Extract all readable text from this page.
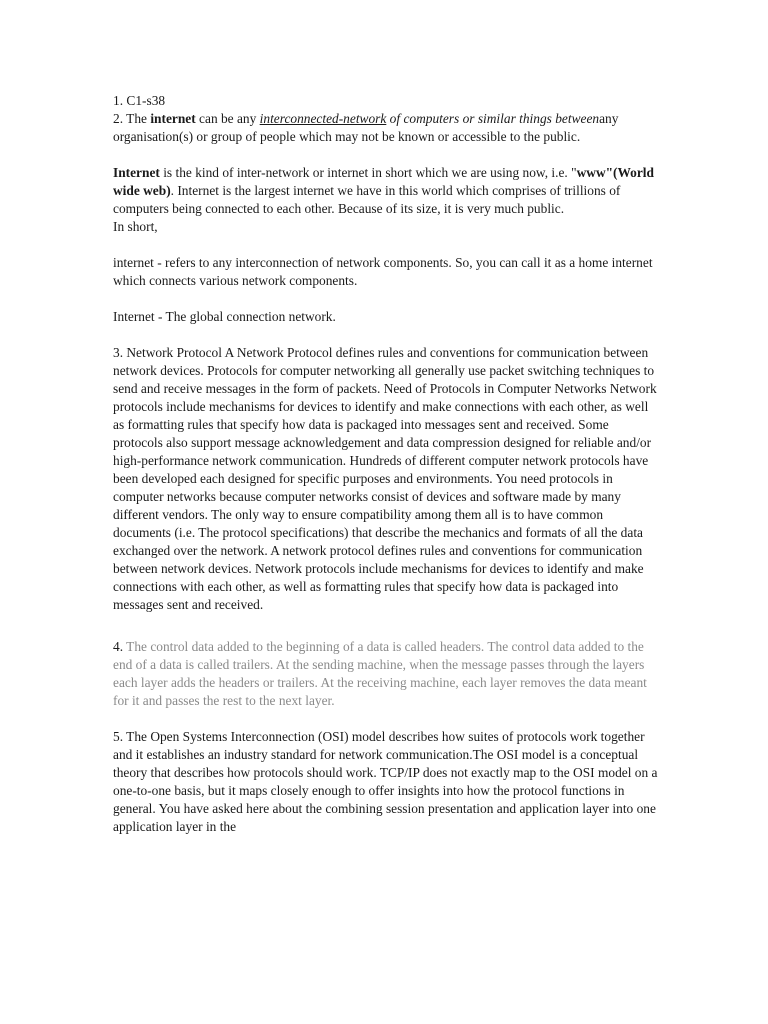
1. C1-s38

2. The internet can be any interconnected-network of computers or similar things betweenany organisation(s) or group of people which may not be known or accessible to the public.

Internet is the kind of inter-network or internet in short which we are using now, i.e. "www"(World wide web). Internet is the largest internet we have in this world which comprises of trillions of computers being connected to each other. Because of its size, it is very much public.

In short,

internet - refers to any interconnection of network components. So, you can call it as a home internet which connects various network components.

Internet - The global connection network.

3. Network Protocol A Network Protocol defines rules and conventions for communication between network devices. Protocols for computer networking all generally use packet switching techniques to send and receive messages in the form of packets. Need of Protocols in Computer Networks Network protocols include mechanisms for devices to identify and make connections with each other, as well as formatting rules that specify how data is packaged into messages sent and received. Some protocols also support message acknowledgement and data compression designed for reliable and/or high-performance network communication. Hundreds of different computer network protocols have been developed each designed for specific purposes and environments. You need protocols in computer networks because computer networks consist of devices and software made by many different vendors. The only way to ensure compatibility among them all is to have common documents (i.e. The protocol specifications) that describe the mechanics and formats of all the data exchanged over the network. A network protocol defines rules and conventions for communication between network devices. Network protocols include mechanisms for devices to identify and make connections with each other, as well as formatting rules that specify how data is packaged into messages sent and received.

4. The control data added to the beginning of a data is called headers. The control data added to the end of a data is called trailers. At the sending machine, when the message passes through the layers each layer adds the headers or trailers. At the receiving machine, each layer removes the data meant for it and passes the rest to the next layer.

5. The Open Systems Interconnection (OSI) model describes how suites of protocols work together and it establishes an industry standard for network communication.The OSI model is a conceptual theory that describes how protocols should work. TCP/IP does not exactly map to the OSI model on a one-to-one basis, but it maps closely enough to offer insights into how the protocol functions in general. You have asked here about the combining session presentation and application layer into one application layer in the
